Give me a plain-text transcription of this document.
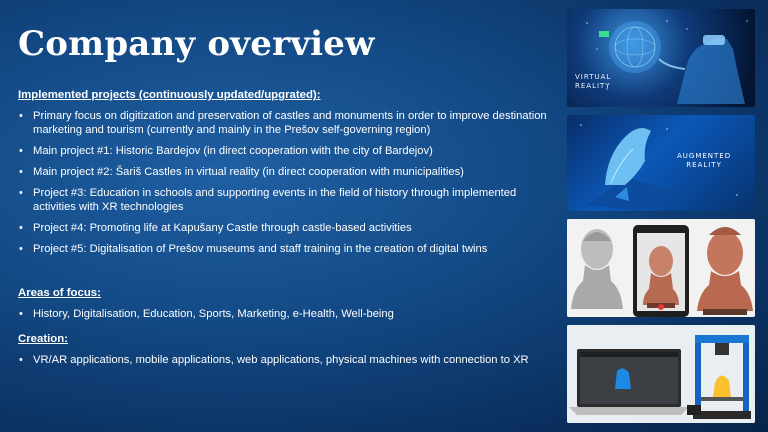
Company overview

Implemented projects (continuously updated/upgrated):

• Primary focus on digitization and preservation of castles and monuments in order to improve destination marketing and tourism (currently and mainly in the Prešov self-governing region)
• Main project #1: Historic Bardejov (in direct cooperation with the city of Bardejov)
• Main project #2: Šariš Castles in virtual reality (in direct cooperation with municipalities)
• Project #3: Education in schools and supporting events in the field of history through implemented activities with XR technologies
• Project #4: Promoting life at Kapušany Castle through castle-based activities
• Project #5: Digitalisation of Prešov museums and staff training in the creation of digital twins

Areas of focus:

• History, Digitalisation, Education, Sports, Marketing, e-Health, Well-being

Creation:

• VR/AR applications, mobile applications, web applications, physical machines with connection to XR
VIRTUAL
REALITY
AUGMENTED
REALITY
